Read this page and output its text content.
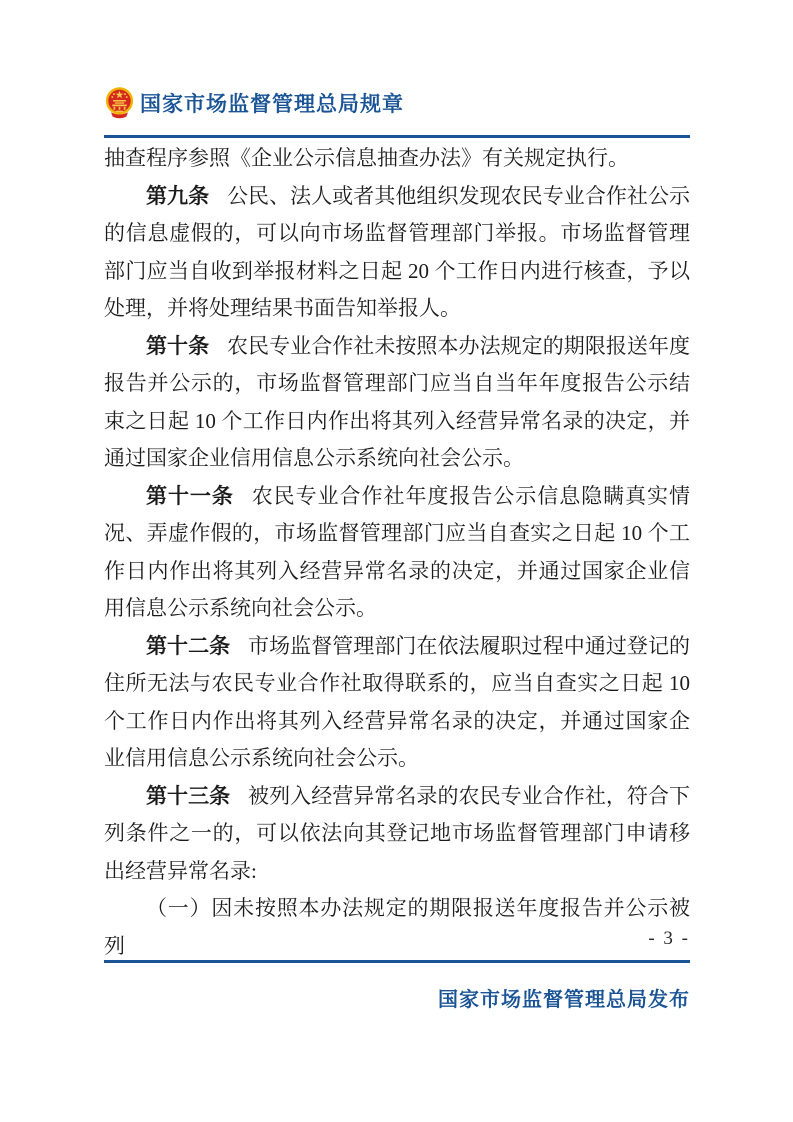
国家市场监督管理总局规章

抽查程序参照《企业公示信息抽查办法》有关规定执行。

第九条 公民、法人或者其他组织发现农民专业合作社公示的信息虚假的，可以向市场监督管理部门举报。市场监督管理部门应当自收到举报材料之日起 20 个工作日内进行核查，予以处理，并将处理结果书面告知举报人。

第十条 农民专业合作社未按照本办法规定的期限报送年度报告并公示的，市场监督管理部门应当自当年年度报告公示结束之日起 10 个工作日内作出将其列入经营异常名录的决定，并通过国家企业信用信息公示系统向社会公示。

第十一条 农民专业合作社年度报告公示信息隐瞒真实情况、弄虚作假的，市场监督管理部门应当自查实之日起 10 个工作日内作出将其列入经营异常名录的决定，并通过国家企业信用信息公示系统向社会公示。

第十二条 市场监督管理部门在依法履职过程中通过登记的住所无法与农民专业合作社取得联系的，应当自查实之日起 10 个工作日内作出将其列入经营异常名录的决定，并通过国家企业信用信息公示系统向社会公示。

第十三条 被列入经营异常名录的农民专业合作社，符合下列条件之一的，可以依法向其登记地市场监督管理部门申请移出经营异常名录:

（一）因未按照本办法规定的期限报送年度报告并公示被列	- 3 -
国家市场监督管理总局发布
